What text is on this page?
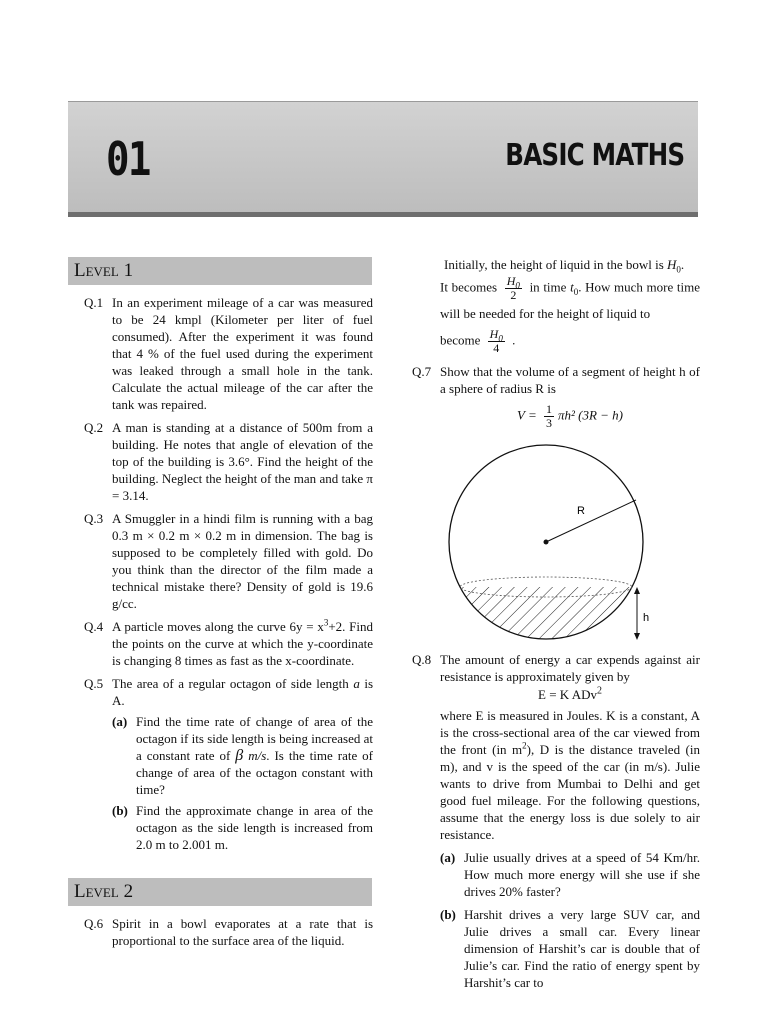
01	BASIC MATHS
Level 1
Q.1 In an experiment mileage of a car was measured to be 24 kmpl (Kilometer per liter of fuel consumed). After the experiment it was found that 4 % of the fuel used during the experiment was leaked through a small hole in the tank. Calculate the actual mileage of the car after the tank was repaired.
Q.2 A man is standing at a distance of 500m from a building. He notes that angle of elevation of the top of the building is 3.6°. Find the height of the building. Neglect the height of the man and take π = 3.14.
Q.3 A Smuggler in a hindi film is running with a bag 0.3 m × 0.2 m × 0.2 m in dimension. The bag is supposed to be completely filled with gold. Do you think than the director of the film made a technical mistake there? Density of gold is 19.6 g/cc.
Q.4 A particle moves along the curve $6y = x^3+2$. Find the points on the curve at which the y-coordinate is changing 8 times as fast as the x-coordinate.
Q.5 The area of a regular octagon of side length a is A.
(a) Find the time rate of change of area of the octagon if its side length is being increased at a constant rate of β m/s. Is the time rate of change of area of the octagon constant with time?
(b) Find the approximate change in area of the octagon as the side length is increased from 2.0 m to 2.001 m.
Level 2
Q.6 Spirit in a bowl evaporates at a rate that is proportional to the surface area of the liquid.
Initially, the height of liquid in the bowl is $H_0$.
It becomes $\frac{H_0}{2}$ in time $t_0$. How much more time will be needed for the height of liquid to
become $\frac{H_0}{4}$ .
Q.7 Show that the volume of a segment of height h of a sphere of radius R is
$V = \frac{1}{3} \pi h^2$ (3R − h)
R
h
Q.8 The amount of energy a car expends against air resistance is approximately given by
E = K ADv$^2$
where E is measured in Joules. K is a constant, A is the cross-sectional area of the car viewed from the front (in $m^2$), D is the distance traveled (in m), and v is the speed of the car (in m/s). Julie wants to drive from Mumbai to Delhi and get good fuel mileage. For the following questions, assume that the energy loss is due solely to air resistance.
(a) Julie usually drives at a speed of 54 Km/hr. How much more energy will she use if she drives 20% faster?
(b) Harshit drives a very large SUV car, and Julie drives a small car. Every linear dimension of Harshit’s car is double that of Julie’s car. Find the ratio of energy spent by Harshit’s car to
